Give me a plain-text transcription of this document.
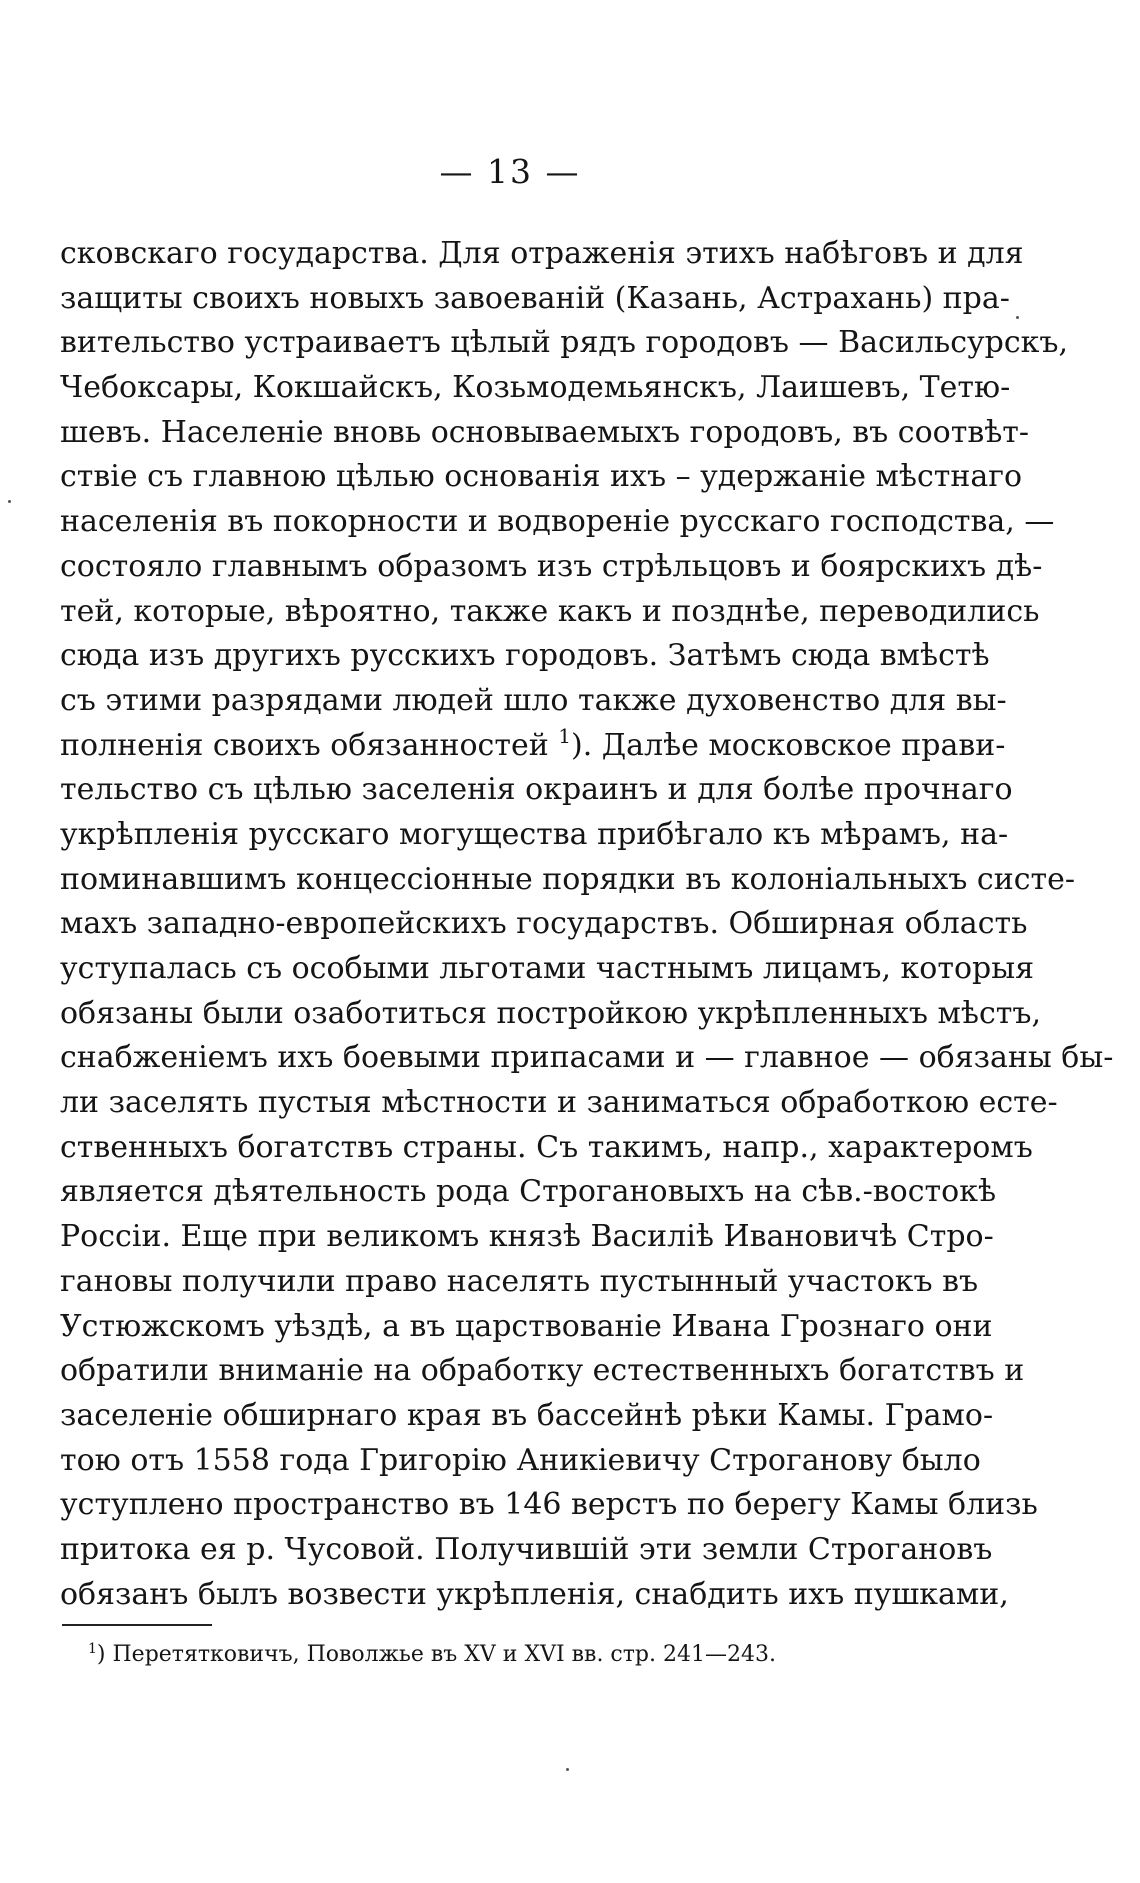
— 13 —
сковскаго государства. Для отраженія этихъ набѣговъ и для
защиты своихъ новыхъ завоеваній (Казань, Астрахань) пра-
вительство устраиваетъ цѣлый рядъ городовъ — Васильсурскъ,
Чебоксары, Кокшайскъ, Козьмодемьянскъ, Лаишевъ, Тетю-
шевъ. Населеніе вновь основываемыхъ городовъ, въ соотвѣт-
ствіе съ главною цѣлью основанія ихъ – удержаніе мѣстнаго
населенія въ покорности и водвореніе русскаго господства, —
состояло главнымъ образомъ изъ стрѣльцовъ и боярскихъ дѣ-
тей, которые, вѣроятно, также какъ и позднѣе, переводились
сюда изъ другихъ русскихъ городовъ. Затѣмъ сюда вмѣстѣ
съ этими разрядами людей шло также духовенство для вы-
полненія своихъ обязанностей $^1$). Далѣе московское прави-
тельство съ цѣлью заселенія окраинъ и для болѣе прочнаго
укрѣпленія русскаго могущества прибѣгало къ мѣрамъ, на-
поминавшимъ концессіонные порядки въ колоніальныхъ систе-
махъ западно-европейскихъ государствъ. Обширная область
уступалась съ особыми льготами частнымъ лицамъ, которыя
обязаны были озаботиться постройкою укрѣпленныхъ мѣстъ,
снабженіемъ ихъ боевыми припасами и — главное — обязаны бы-
ли заселять пустыя мѣстности и заниматься обработкою есте-
ственныхъ богатствъ страны. Съ такимъ, напр., характеромъ
является дѣятельность рода Строгановыхъ на сѣв.-востокѣ
Россіи. Еще при великомъ князѣ Василіѣ Ивановичѣ Стро-
гановы получили право населять пустынный участокъ въ
Устюжскомъ уѣздѣ, а въ царствованіе Ивана Грознаго они
обратили вниманіе на обработку естественныхъ богатствъ и
заселеніе обширнаго края въ бассейнѣ рѣки Камы. Грамо-
тою отъ 1558 года Григорію Аникіевичу Строганову было
уступлено пространство въ 146 верстъ по берегу Камы близь
притока ея р. Чусовой. Получившій эти земли Строгановъ
обязанъ былъ возвести укрѣпленія, снабдить ихъ пушками,
$^1$) Перетятковичъ, Поволжье въ XV и XVI вв. стр. 241—243.
